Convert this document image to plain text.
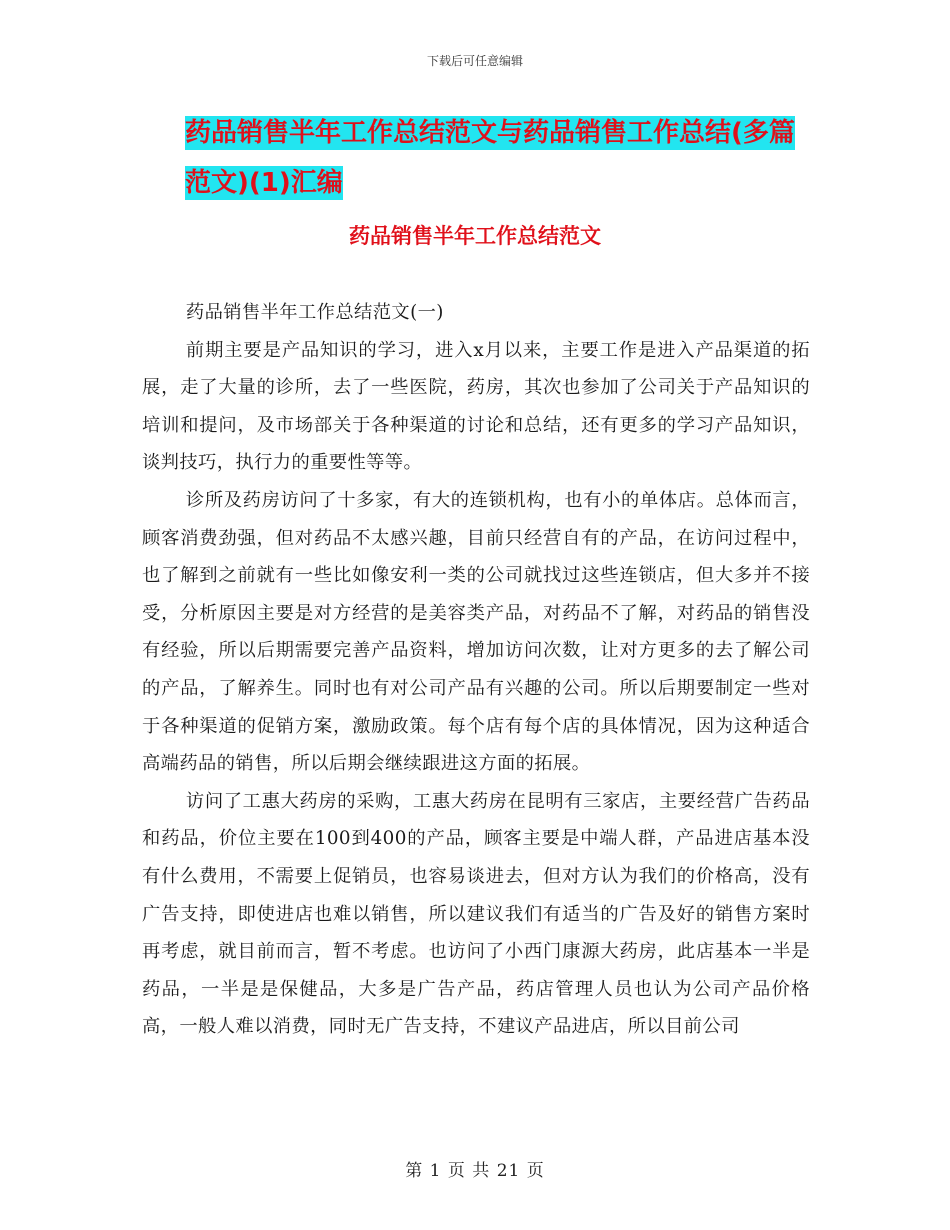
下载后可任意编辑
药品销售半年工作总结范文与药品销售工作总结(多篇
范文)(1)汇编
药品销售半年工作总结范文

药品销售半年工作总结范文(一)

前期主要是产品知识的学习，进入x月以来，主要工作是进入产品渠道的拓展，走了大量的诊所，去了一些医院，药房，其次也参加了公司关于产品知识的培训和提问，及市场部关于各种渠道的讨论和总结，还有更多的学习产品知识，谈判技巧，执行力的重要性等等。

诊所及药房访问了十多家，有大的连锁机构，也有小的单体店。总体而言，顾客消费劲强，但对药品不太感兴趣，目前只经营自有的产品，在访问过程中，也了解到之前就有一些比如像安利一类的公司就找过这些连锁店，但大多并不接受，分析原因主要是对方经营的是美容类产品，对药品不了解，对药品的销售没有经验，所以后期需要完善产品资料，增加访问次数，让对方更多的去了解公司的产品，了解养生。同时也有对公司产品有兴趣的公司。所以后期要制定一些对于各种渠道的促销方案，激励政策。每个店有每个店的具体情况，因为这种适合高端药品的销售，所以后期会继续跟进这方面的拓展。

访问了工惠大药房的采购，工惠大药房在昆明有三家店，主要经营广告药品和药品，价位主要在100到400的产品，顾客主要是中端人群，产品进店基本没有什么费用，不需要上促销员，也容易谈进去，但对方认为我们的价格高，没有广告支持，即使进店也难以销售，所以建议我们有适当的广告及好的销售方案时再考虑，就目前而言，暂不考虑。也访问了小西门康源大药房，此店基本一半是药品，一半是是保健品，大多是广告产品，药店管理人员也认为公司产品价格高，一般人难以消费，同时无广告支持，不建议产品进店，所以目前公司

第 1 页 共 21 页
